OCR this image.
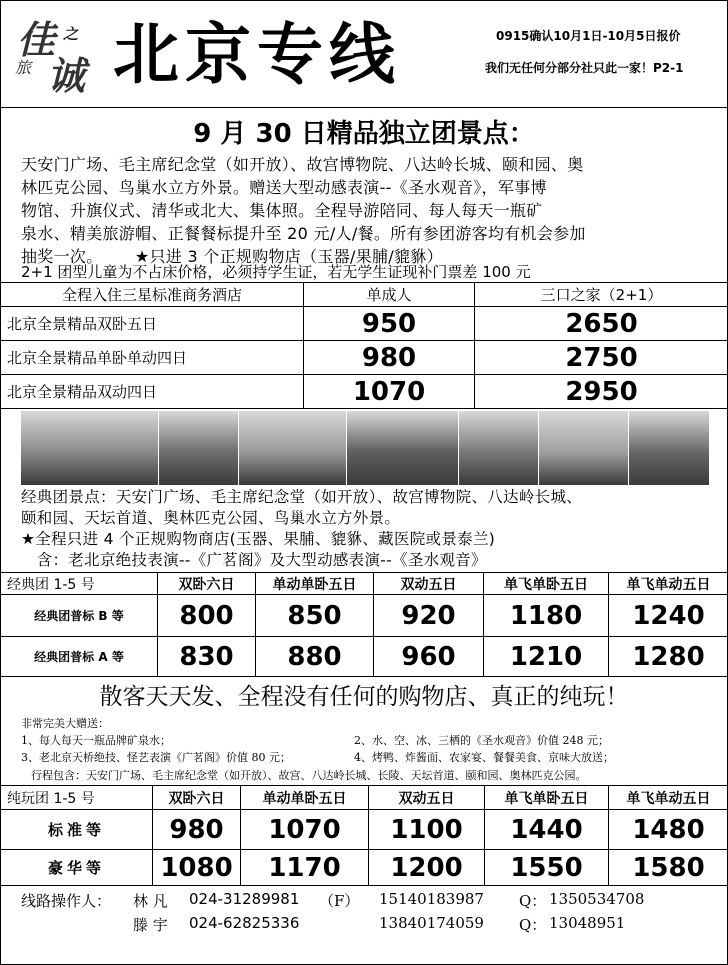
佳 之
旅 诚 北京专线	0915确认10月1日-10月5日报价
我们无任何分部分社只此一家！P2-1
9 月 30 日精品独立团景点：
天安门广场、毛主席纪念堂（如开放）、故宫博物院、八达岭长城、颐和园、奥
林匹克公园、鸟巢水立方外景。赠送大型动感表演--《圣水观音》，军事博
物馆、升旗仪式、清华或北大、集体照。全程导游陪同、每人每天一瓶矿
泉水、精美旅游帽、正餐餐标提升至 20 元/人/餐。所有参团游客均有机会参加
抽奖一次。      ★只进 3 个正规购物店（玉器/果脯/貔貅）
2+1 团型儿童为不占床价格，必须持学生证，若无学生证现补门票差 100 元
全程入住三星标准商务酒店	单成人	三口之家（2+1）
北京全景精品双卧五日	950	2650
北京全景精品单卧单动四日	980	2750
北京全景精品双动四日	1070	2950
经典团景点：天安门广场、毛主席纪念堂（如开放）、故宫博物院、八达岭长城、
颐和园、天坛首道、奥林匹克公园、鸟巢水立方外景。
★全程只进 4 个正规购物商店(玉器、果脯、貔貅、藏医院或景泰兰)
含：老北京绝技表演--《广茗阁》及大型动感表演--《圣水观音》
经典团 1-5 号	双卧六日	单动单卧五日	双动五日	单飞单卧五日	单飞单动五日
经典团普标 B 等	800	850	920	1180	1240
经典团普标 A 等	830	880	960	1210	1280
散客天天发、全程没有任何的购物店、真正的纯玩！
非常完美大赠送：
1、每人每天一瓶品牌矿泉水；	2、水、空、冰、三栖的《圣水观音》价值 248 元；
3、老北京天桥绝技、怪艺表演《广茗阁》价值 80 元；	4、烤鸭、炸酱面、农家宴、餐餐美食、京味大放送；
行程包含：天安门广场、毛主席纪念堂（如开放）、故宫、八达岭长城、长陵、天坛首道、颐和园、奥林匹克公园。
纯玩团 1-5 号	双卧六日	单动单卧五日	双动五日	单飞单卧五日	单飞单动五日
标准等	980	1070	1100	1440	1480
豪华等	1080	1170	1200	1550	1580
线路操作人： 林 凡 024-31289981 （F） 15140183987 Q： 1350534708
滕 宇 024-62825336	13840174059 Q： 13048951
